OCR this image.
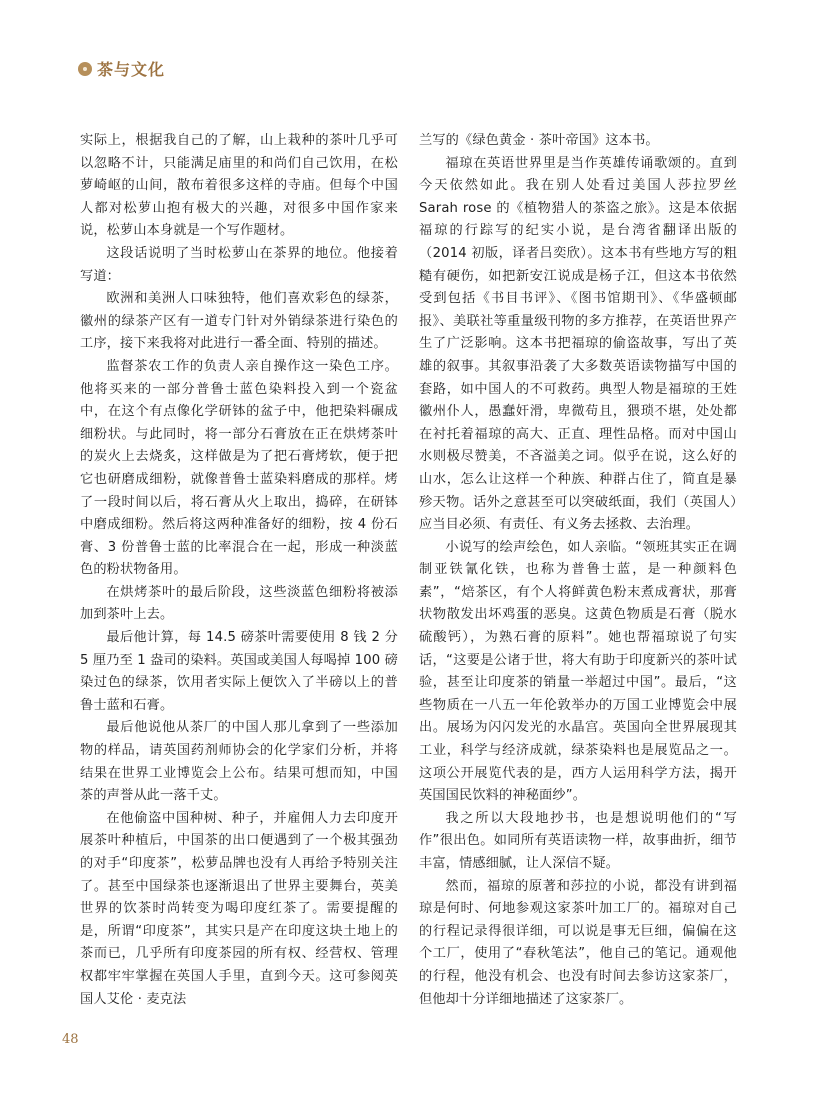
茶与文化

实际上，根据我自己的了解，山上栽种的茶叶几乎可以忽略不计，只能满足庙里的和尚们自己饮用，在松萝崎岖的山间，散布着很多这样的寺庙。但每个中国人都对松萝山抱有极大的兴趣，对很多中国作家来说，松萝山本身就是一个写作题材。

这段话说明了当时松萝山在茶界的地位。他接着写道：

欧洲和美洲人口味独特，他们喜欢彩色的绿茶，徽州的绿茶产区有一道专门针对外销绿茶进行染色的工序，接下来我将对此进行一番全面、特别的描述。

监督茶农工作的负责人亲自操作这一染色工序。他将买来的一部分普鲁士蓝色染料投入到一个瓷盆中，在这个有点像化学研钵的盆子中，他把染料碾成细粉状。与此同时，将一部分石膏放在正在烘烤茶叶的炭火上去烧炙，这样做是为了把石膏烤软，便于把它也研磨成细粉，就像普鲁士蓝染料磨成的那样。烤了一段时间以后，将石膏从火上取出，捣碎，在研钵中磨成细粉。然后将这两种准备好的细粉，按 4 份石膏、3 份普鲁士蓝的比率混合在一起，形成一种淡蓝色的粉状物备用。

在烘烤茶叶的最后阶段，这些淡蓝色细粉将被添加到茶叶上去。

最后他计算，每 14.5 磅茶叶需要使用 8 钱 2 分 5 厘乃至 1 盎司的染料。英国或美国人每喝掉 100 磅染过色的绿茶，饮用者实际上便饮入了半磅以上的普鲁士蓝和石膏。

最后他说他从茶厂的中国人那儿拿到了一些添加物的样品，请英国药剂师协会的化学家们分析，并将结果在世界工业博览会上公布。结果可想而知，中国茶的声誉从此一落千丈。

在他偷盗中国种树、种子，并雇佣人力去印度开展茶叶种植后，中国茶的出口便遇到了一个极其强劲的对手“印度茶”，松萝品牌也没有人再给予特别关注了。甚至中国绿茶也逐渐退出了世界主要舞台，英美世界的饮茶时尚转变为喝印度红茶了。需要提醒的是，所谓“印度茶”，其实只是产在印度这块土地上的茶而已，几乎所有印度茶园的所有权、经营权、管理权都牢牢掌握在英国人手里，直到今天。这可参阅英国人艾伦 · 麦克法

兰写的《绿色黄金 · 茶叶帝国》这本书。

福琼在英语世界里是当作英雄传诵歌颂的。直到今天依然如此。我在别人处看过美国人莎拉罗丝 Sarah rose 的《植物猎人的茶盗之旅》。这是本依据福琼的行踪写的纪实小说，是台湾省翻译出版的（2014 初版，译者吕奕欣）。这本书有些地方写的粗糙有硬伤，如把新安江说成是杨子江，但这本书依然受到包括《书目书评》、《图书馆期刊》、《华盛顿邮报》、美联社等重量级刊物的多方推荐，在英语世界产生了广泛影响。这本书把福琼的偷盗故事，写出了英雄的叙事。其叙事沿袭了大多数英语读物描写中国的套路，如中国人的不可救药。典型人物是福琼的王姓徽州仆人，愚蠢奸滑，卑微苟且，猥琐不堪，处处都在衬托着福琼的高大、正直、理性品格。而对中国山水则极尽赞美，不吝溢美之词。似乎在说，这么好的山水，怎么让这样一个种族、种群占住了，简直是暴殄天物。话外之意甚至可以突破纸面，我们（英国人）应当目必须、有责任、有义务去拯救、去治理。

小说写的绘声绘色，如人亲临。“领班其实正在调制亚铁氰化铁，也称为普鲁士蓝，是一种颜料色素”，“焙茶区，有个人将鲜黄色粉末煮成膏状，那膏状物散发出坏鸡蛋的恶臭。这黄色物质是石膏（脱水硫酸钙），为熟石膏的原料”。她也帮福琼说了句实话，“这要是公诸于世，将大有助于印度新兴的茶叶试验，甚至让印度茶的销量一举超过中国”。最后，“这些物质在一八五一年伦敦举办的万国工业博览会中展出。展场为闪闪发光的水晶宫。英国向全世界展现其工业，科学与经济成就，绿茶染料也是展览品之一。这项公开展览代表的是，西方人运用科学方法，揭开英国国民饮料的神秘面纱”。

我之所以大段地抄书，也是想说明他们的“写作”很出色。如同所有英语读物一样，故事曲折，细节丰富，情感细腻，让人深信不疑。

然而，福琼的原著和莎拉的小说，都没有讲到福琼是何时、何地参观这家茶叶加工厂的。福琼对自己的行程记录得很详细，可以说是事无巨细，偏偏在这个工厂，使用了“春秋笔法”，他自己的笔记。通观他的行程，他没有机会、也没有时间去参访这家茶厂，但他却十分详细地描述了这家茶厂。

48
